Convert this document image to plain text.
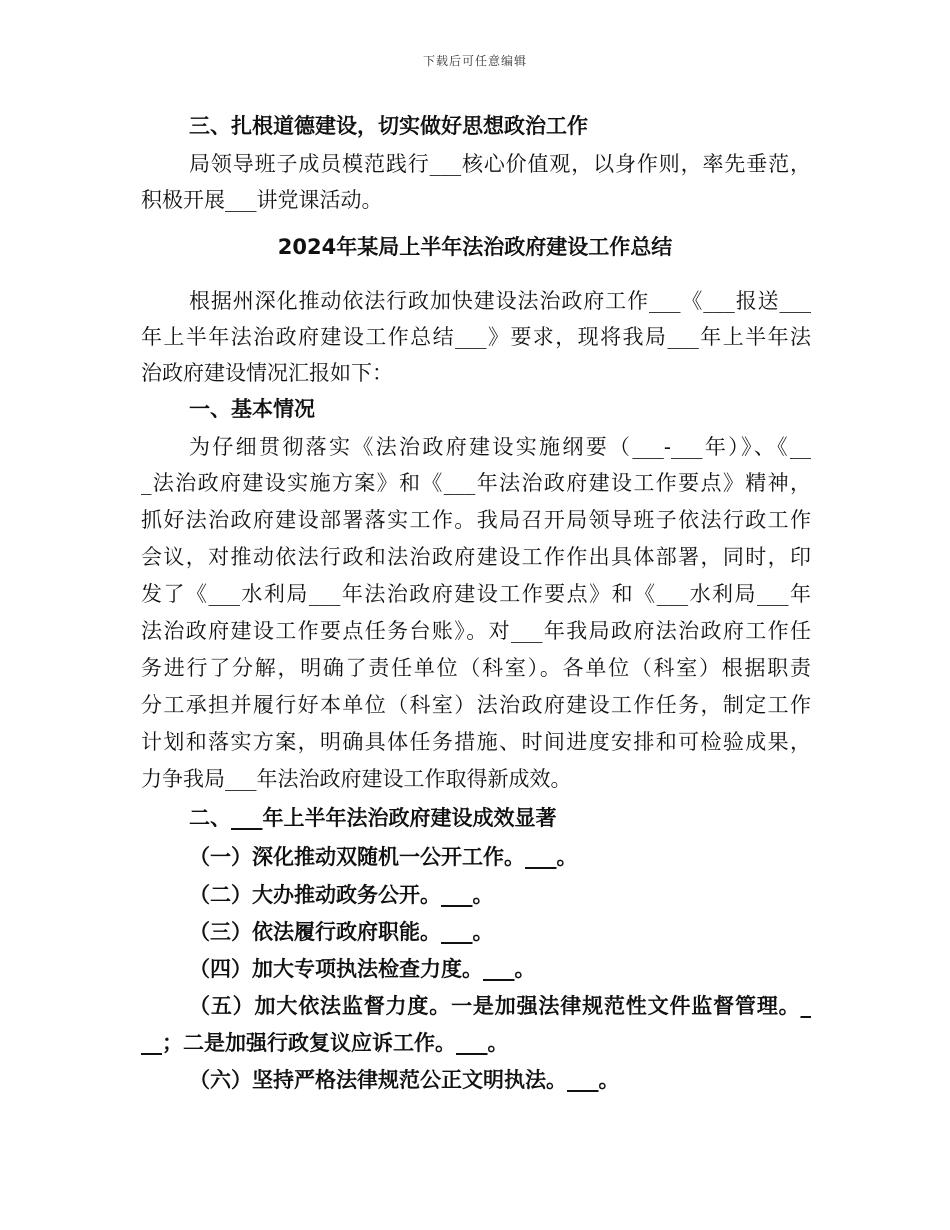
下载后可任意编辑
三、扎根道德建设，切实做好思想政治工作
局领导班子成员模范践行___核心价值观，以身作则，率先垂范，
积极开展___讲党课活动。
2024年某局上半年法治政府建设工作总结
根据州深化推动依法行政加快建设法治政府工作___《___报送___
年上半年法治政府建设工作总结___》要求，现将我局___年上半年法
治政府建设情况汇报如下：
一、基本情况
为仔细贯彻落实《法治政府建设实施纲要（___-___年）》、《__
_法治政府建设实施方案》和《___年法治政府建设工作要点》精神，
抓好法治政府建设部署落实工作。我局召开局领导班子依法行政工作
会议，对推动依法行政和法治政府建设工作作出具体部署，同时，印
发了《___水利局___年法治政府建设工作要点》和《___水利局___年
法治政府建设工作要点任务台账》。对___年我局政府法治政府工作任
务进行了分解，明确了责任单位（科室）。各单位（科室）根据职责
分工承担并履行好本单位（科室）法治政府建设工作任务，制定工作
计划和落实方案，明确具体任务措施、时间进度安排和可检验成果，
力争我局___年法治政府建设工作取得新成效。
二、___年上半年法治政府建设成效显著
（一）深化推动双随机一公开工作。___。
（二）大办推动政务公开。___。
（三）依法履行政府职能。___。
（四）加大专项执法检查力度。___。
（五）加大依法监督力度。一是加强法律规范性文件监督管理。_
__；二是加强行政复议应诉工作。___。
（六）坚持严格法律规范公正文明执法。___。
